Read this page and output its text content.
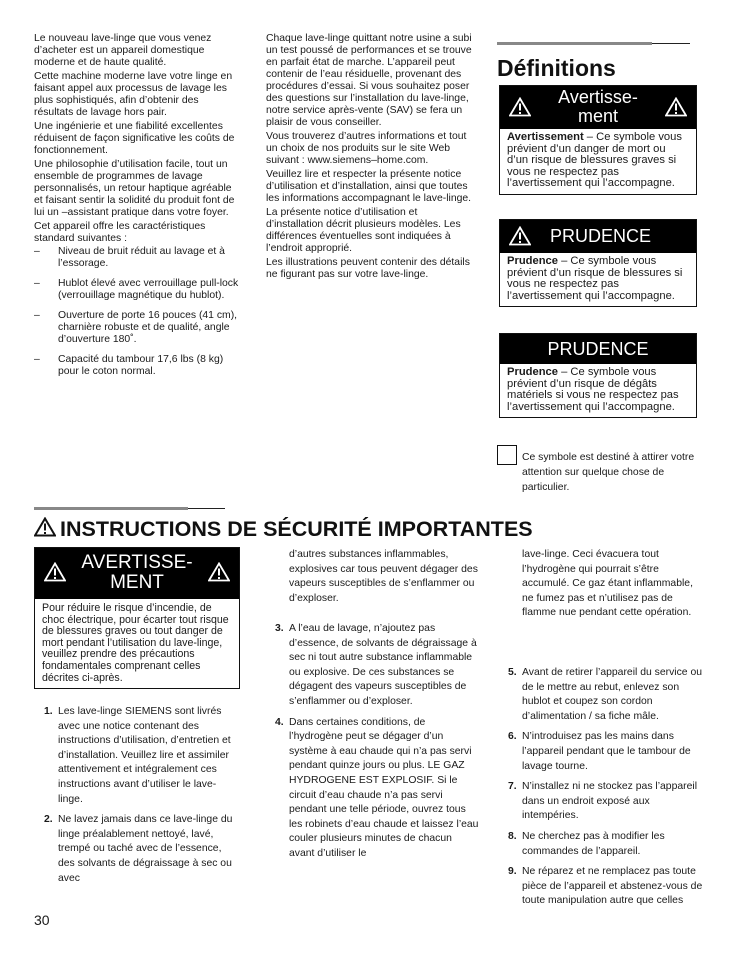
Le nouveau lave-linge que vous venez d’acheter est un appareil domestique moderne et de haute qualité.

Cette machine moderne lave votre linge en faisant appel aux processus de lavage les plus sophistiqués, afin d’obtenir des résultats de lavage hors pair.

Une ingénierie et une fiabilité excellentes réduisent de façon significative les coûts de fonctionnement.

Une philosophie d’utilisation facile, tout un ensemble de programmes de lavage personnalisés, un retour haptique agréable et faisant sentir la solidité du produit font de lui un –assistant pratique dans votre foyer.

Cet appareil offre les caractéristiques standard suivantes :

– Niveau de bruit réduit au lavage et à l’essorage.
– Hublot élevé avec verrouillage pull-lock (verrouillage magnétique du hublot).
– Ouverture de porte 16 pouces (41 cm), charnière robuste et de qualité, angle d’ouverture 180˚.
– Capacité du tambour 17,6 lbs (8 kg) pour le coton normal.

Chaque lave-linge quittant notre usine a subi un test poussé de performances et se trouve en parfait état de marche. L’appareil peut contenir de l’eau résiduelle, provenant des procédures d’essai. Si vous souhaitez poser des questions sur l’installation du lave-linge, notre service après-vente (SAV) se fera un plaisir de vous conseiller.

Vous trouverez d’autres informations et tout un choix de nos produits sur le site Web suivant : www.siemens–home.com.

Veuillez lire et respecter la présente notice d’utilisation et d’installation, ainsi que toutes les informations accompagnant le lave-linge.

La présente notice d’utilisation et d’installation décrit plusieurs modèles. Les différences éventuelles sont indiquées à l’endroit approprié.

Les illustrations peuvent contenir des détails ne figurant pas sur votre lave-linge.

Définitions
Avertisse-
ment
Avertissement – Ce symbole vous prévient d’un danger de mort ou d’un risque de blessures graves si vous ne respectez pas l’avertissement qui l’accompagne.
PRUDENCE
Prudence – Ce symbole vous prévient d’un risque de blessures si vous ne respectez pas l’avertissement qui l’accompagne.
PRUDENCE
Prudence – Ce symbole vous prévient d’un risque de dégâts matériels si vous ne respectez pas l’avertissement qui l’accompagne.
Ce symbole est destiné à attirer votre attention sur quelque chose de particulier.
INSTRUCTIONS DE SÉCURITÉ IMPORTANTES
AVERTISSE-
MENT
Pour réduire le risque d’incendie, de choc électrique, pour écarter tout risque de blessures graves ou tout danger de mort pendant l’utilisation du lave-linge, veuillez prendre des précautions fondamentales comprenant celles décrites ci-après.
1. Les lave-linge SIEMENS sont livrés avec une notice contenant des instructions d’utilisation, d’entretien et d’installation. Veuillez lire et assimiler attentivement et intégralement ces instructions avant d’utiliser le lave-linge.
2. Ne lavez jamais dans ce lave-linge du linge préalablement nettoyé, lavé, trempé ou taché avec de l’essence, des solvants de dégraissage à sec ou avec
d’autres substances inflammables, explosives car tous peuvent dégager des vapeurs susceptibles de s’enflammer ou d’exploser.
3. A l’eau de lavage, n’ajoutez pas d’essence, de solvants de dégraissage à sec ni tout autre substance inflammable ou explosive. De ces substances se dégagent des vapeurs susceptibles de s’enflammer ou d’exploser.
4. Dans certaines conditions, de l’hydrogène peut se dégager d’un système à eau chaude qui n’a pas servi pendant quinze jours ou plus. LE GAZ HYDROGENE EST EXPLOSIF. Si le circuit d’eau chaude n’a pas servi pendant une telle période, ouvrez tous les robinets d’eau chaude et laissez l’eau couler plusieurs minutes de chacun avant d’utiliser le
lave-linge. Ceci évacuera tout l’hydrogène qui pourrait s’être accumulé. Ce gaz étant inflammable, ne fumez pas et n’utilisez pas de flamme nue pendant cette opération.
5. Avant de retirer l’appareil du service ou de le mettre au rebut, enlevez son hublot et coupez son cordon d’alimentation / sa fiche mâle.
6. N’introduisez pas les mains dans l’appareil pendant que le tambour de lavage tourne.
7. N’installez ni ne stockez pas l’appareil dans un endroit exposé aux intempéries.
8. Ne cherchez pas à modifier les commandes de l’appareil.
9. Ne réparez et ne remplacez pas toute pièce de l’appareil et abstenez-vous de toute manipulation autre que celles
30
